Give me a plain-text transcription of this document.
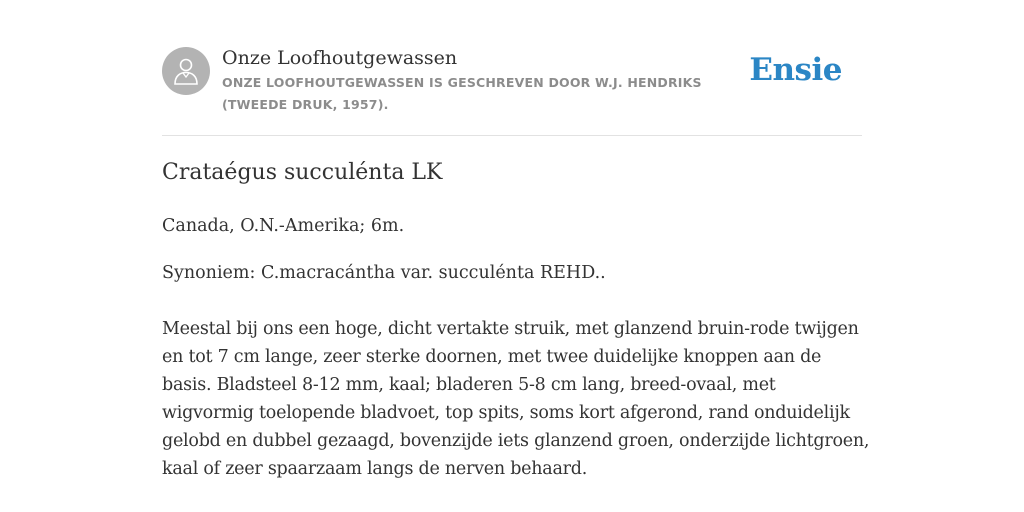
Onze Loofhoutgewassen
ONZE LOOFHOUTGEWASSEN IS GESCHREVEN DOOR W.J. HENDRIKS (TWEEDE DRUK, 1957).
Ensie
Crataégus succulénta LK
Canada, O.N.-Amerika; 6m.
Synoniem: C.macracántha var. succulénta REHD..
Meestal bij ons een hoge, dicht vertakte struik, met glanzend bruin-rode twijgen en tot 7 cm lange, zeer sterke doornen, met twee duidelijke knoppen aan de basis. Bladsteel 8-12 mm, kaal; bladeren 5-8 cm lang, breed-ovaal, met wigvormig toelopende bladvoet, top spits, soms kort afgerond, rand onduidelijk gelobd en dubbel gezaagd, bovenzijde iets glanzend groen, onderzijde lichtgroen, kaal of zeer spaarzaam langs de nerven behaard.
